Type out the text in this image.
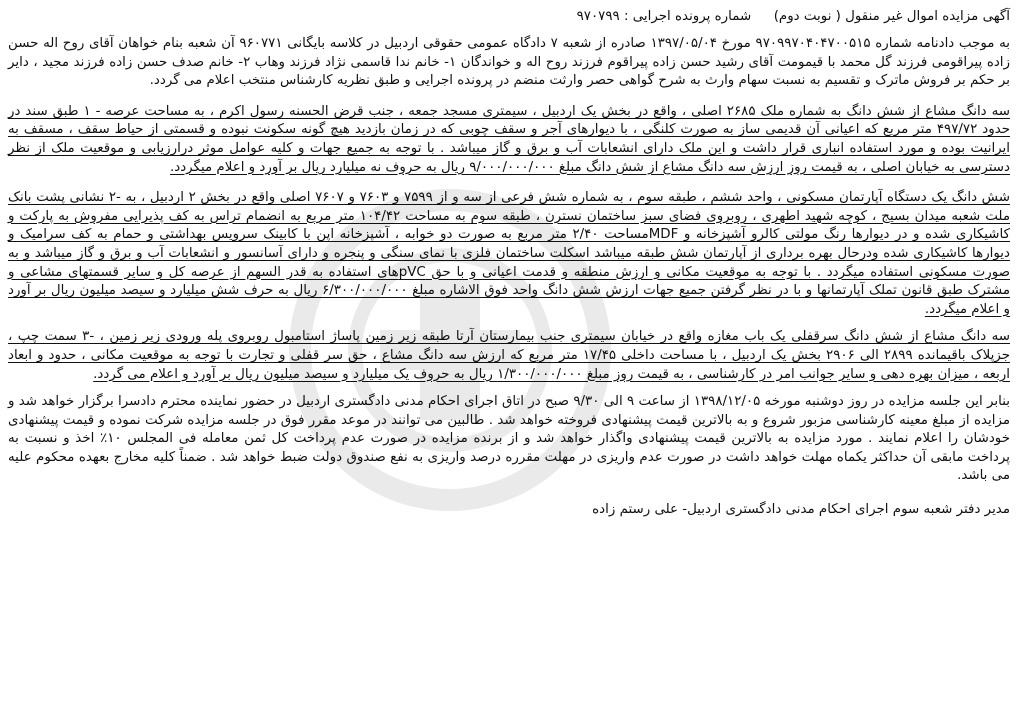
آگهی مزایده اموال غیر منقول ( نوبت دوم)  شماره پرونده اجرایی : ۹۷۰۷۹۹

به موجب دادنامه شماره ۹۷۰۹۹۷۰۴۰۴۷۰۰۵۱۵ مورخ ۱۳۹۷/۰۵/۰۴ صادره از شعبه ۷ دادگاه عمومی حقوقی اردبیل در کلاسه بایگانی ۹۶۰۷۷۱ آن شعبه بنام خواهان آقای روح اله حسن زاده پیراقومی فرزند گل محمد با قیمومت آقای رشید حسن زاده پیراقوم فرزند روح اله و خواندگان ۱- خانم ندا قاسمی نژاد فرزند وهاب ۲- خانم صدف حسن زاده فرزند مجید ، دایر بر حکم بر فروش ماترک و تقسیم به نسبت سهام وارث به شرح گواهی حصر وارثت منضم در پرونده اجرایی و طبق نظریه کارشناس منتخب اعلام می گردد.

سه دانگ مشاع از شش دانگ به شماره ملک ۲۶۸۵ اصلی ، واقع در بخش یک اردبیل ، سیمتری مسجد جمعه ، جنب قرض الحسنه رسول اکرم ، به مساحت عرصه - ۱ طبق سند در حدود ۴۹۷/۷۲ متر مربع که اعیانی آن قدیمی ساز به صورت کلنگی ، با دیوارهای آجر و سقف چوبی که در زمان بازدید هیچ گونه سکونت نبوده و قسمتی از حیاط سقف ، مسقف به ایرانیت بوده و مورد استفاده انباری قرار داشت و این ملک دارای انشعابات آب و برق و گاز میباشد . با توجه به جمیع جهات و کلیه عوامل موثر درارزیابی و موقعیت ملک از نظر دسترسی به خیابان اصلی ، به قیمت روز ارزش سه دانگ مشاع از شش دانگ مبلغ ۹/۰۰۰/۰۰۰/۰۰۰ ریال به حروف نه میلیارد ریال بر آورد و اعلام میگردد.

شش دانگ یک دستگاه آپارتمان مسکونی ، واحد ششم ، طبقه سوم ، به شماره شش فرعی از سه و از ۷۵۹۹ و ۷۶۰۳ و ۷۶۰۷ اصلی واقع در بخش ۲ اردبیل ، به -۲ نشانی پشت بانک ملت شعبه میدان بسیج ، کوچه شهید اطهری ، روبروی فضای سبز ساختمان نسترن ، طبقه سوم به مساحت ۱۰۴/۴۲ متر مربع به انضمام تراس به کف پذیرایی مفروش به پارکت و کاشیکاری شده و در دیوارها رنگ مولتی کالرو آشپزخانه و MDFمساحت ۲/۴۰ متر مربع به صورت دو خوابه ، آشپزخانه اپن با کابینک سرویس بهداشتی و حمام به کف سرامیک و دیوارها کاشیکاری شده ودرحال بهره برداری از آپارتمان شش طبقه میباشد اسکلت ساختمان فلزی با نمای سنگی و پنجره و دارای آسانسور و انشعابات آب و برق و گاز میباشد و به صورت مسکونی استفاده میگردد . با توجه به موقعیت مکانی و ارزش منطقه و قدمت اعیانی و با حق pVCهای استفاده به قدر السهم از عرصه کل و سایر قسمتهای مشاعی و مشترک طبق قانون تملک آپارتمانها و با در نظر گرفتن جمیع جهات ارزش شش دانگ واحد فوق الاشاره مبلغ ۶/۳۰۰/۰۰۰/۰۰۰ ریال به حرف شش میلیارد و سیصد میلیون ریال بر آورد و اعلام میگردد.

سه دانگ مشاع از شش دانگ سرقفلی یک باب مغازه واقع در خیابان سیمتری جنب بیمارستان آرتا طبقه زیر زمین پاساژ استامبول روبروی پله ورودی زیر زمین ، -۳ سمت چپ ، جزپلاک باقیمانده ۲۸۹۹ الی ۲۹۰۶ بخش یک اردبیل ، با مساحت داخلی ۱۷/۴۵ متر مربع که ارزش سه دانگ مشاع ، حق سر قفلی و تجارت با توجه به موقعیت مکانی ، حدود و ابعاد اربعه ، میزان بهره دهی و سایر جوانب امر در کارشناسی ، به قیمت روز مبلغ ۱/۳۰۰/۰۰۰/۰۰۰ ریال به حروف یک میلیارد و سیصد میلیون ریال بر آورد و اعلام می گردد.

بنابر این جلسه مزایده در روز دوشنبه مورخه ۱۳۹۸/۱۲/۰۵ از ساعت ۹ الی ۹/۳۰ صبح در اتاق اجرای احکام مدنی دادگستری اردبیل در حضور نماینده محترم دادسرا برگزار خواهد شد و مزایده از مبلغ معینه کارشناسی مزبور شروع و به بالاترین قیمت پیشنهادی فروخته خواهد شد . طالبین می توانند در موعد مقرر فوق در جلسه مزایده شرکت نموده و قیمت پیشنهادی خودشان را اعلام نمایند . مورد مزایده به بالاترین قیمت پیشنهادی واگذار خواهد شد و از برنده مزایده در صورت عدم پرداخت کل ثمن معامله فی المجلس ۱۰٪ اخذ و نسبت به پرداخت مابقی آن حداکثر یکماه مهلت خواهد داشت در صورت عدم واریزی در مهلت مقرره درصد واریزی به نفع صندوق دولت ضبط خواهد شد . ضمناً کلیه مخارج بعهده محکوم علیه می باشد.

مدیر دفتر شعبه سوم اجرای احکام مدنی دادگستری اردبیل- علی رستم زاده
